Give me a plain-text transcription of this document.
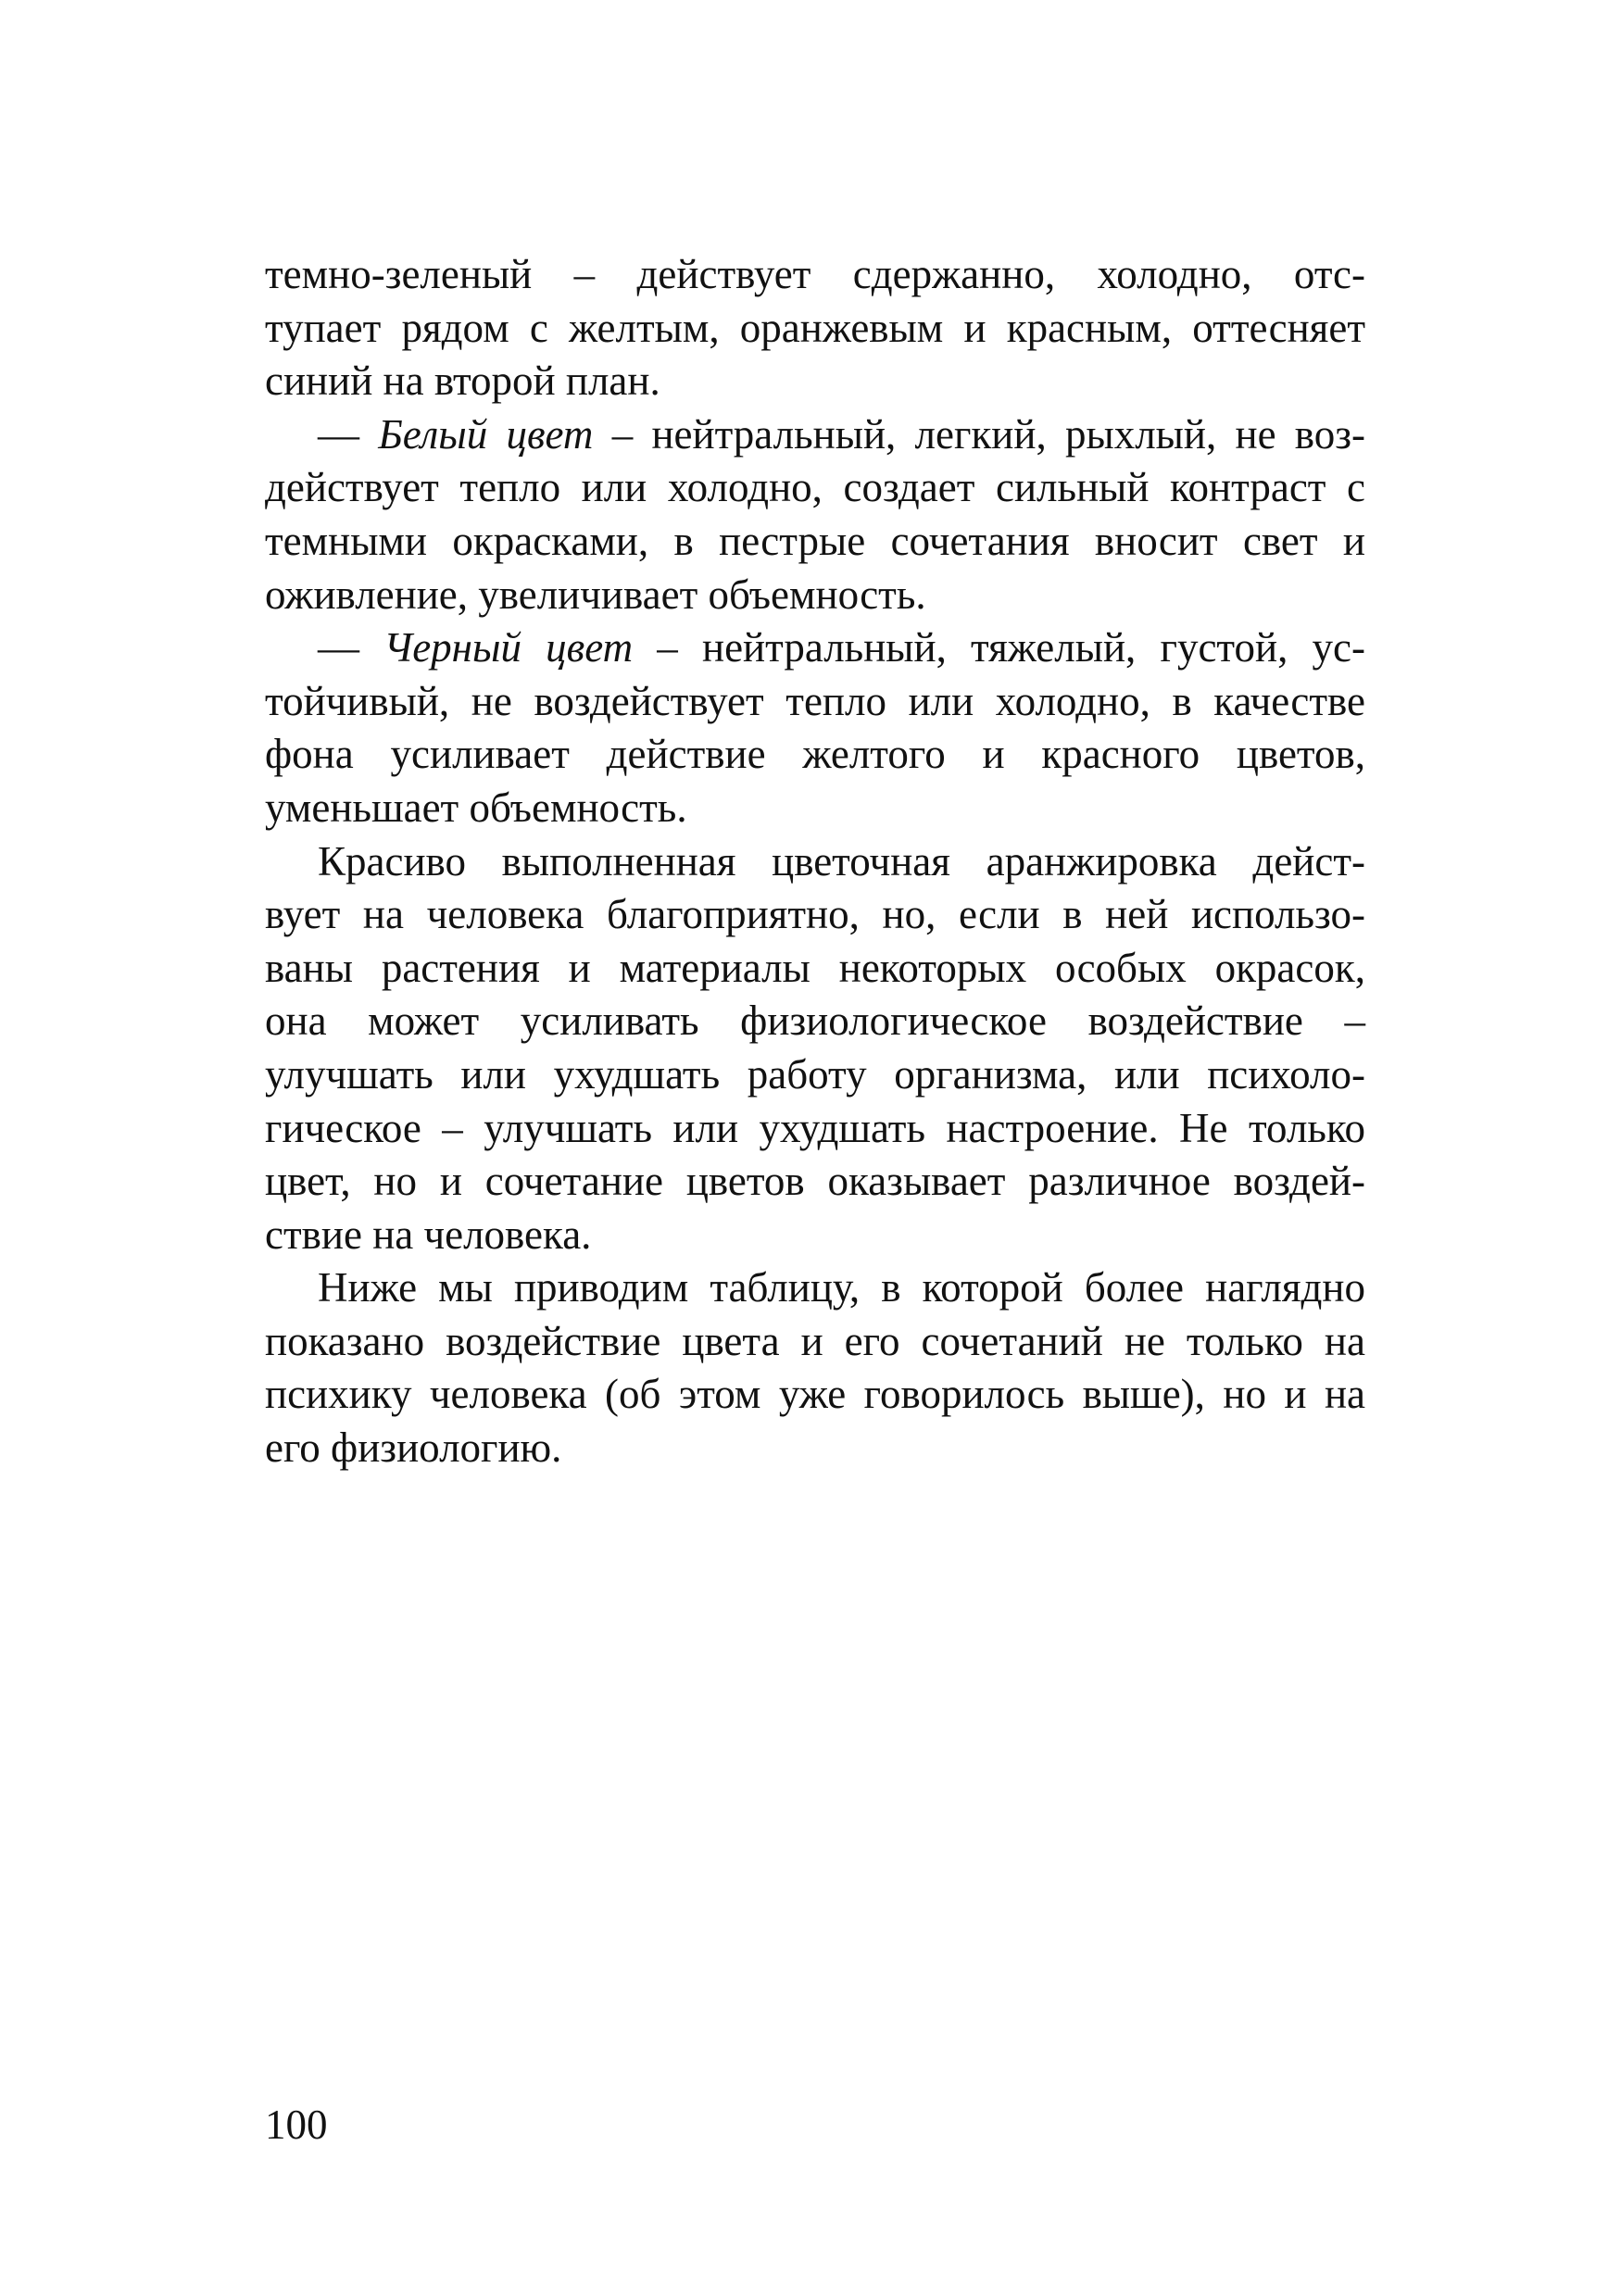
темно-зеленый – действует сдержанно, холодно, отс-
тупает рядом с желтым, оранжевым и красным, оттесняет
синий на второй план.

— Белый цвет – нейтральный, легкий, рыхлый, не воз-
действует тепло или холодно, создает сильный контраст с
темными окрасками, в пестрые сочетания вносит свет и
оживление, увеличивает объемность.

— Черный цвет – нейтральный, тяжелый, густой, ус-
тойчивый, не воздействует тепло или холодно, в качестве
фона усиливает действие желтого и красного цветов,
уменьшает объемность.

Красиво выполненная цветочная аранжировка дейст-
вует на человека благоприятно, но, если в ней использо-
ваны растения и материалы некоторых особых окрасок,
она может усиливать физиологическое воздействие –
улучшать или ухудшать работу организма, или психоло-
гическое – улучшать или ухудшать настроение. Не только
цвет, но и сочетание цветов оказывает различное воздей-
ствие на человека.

Ниже мы приводим таблицу, в которой более наглядно
показано воздействие цвета и его сочетаний не только на
психику человека (об этом уже говорилось выше), но и на
его физиологию.

100
